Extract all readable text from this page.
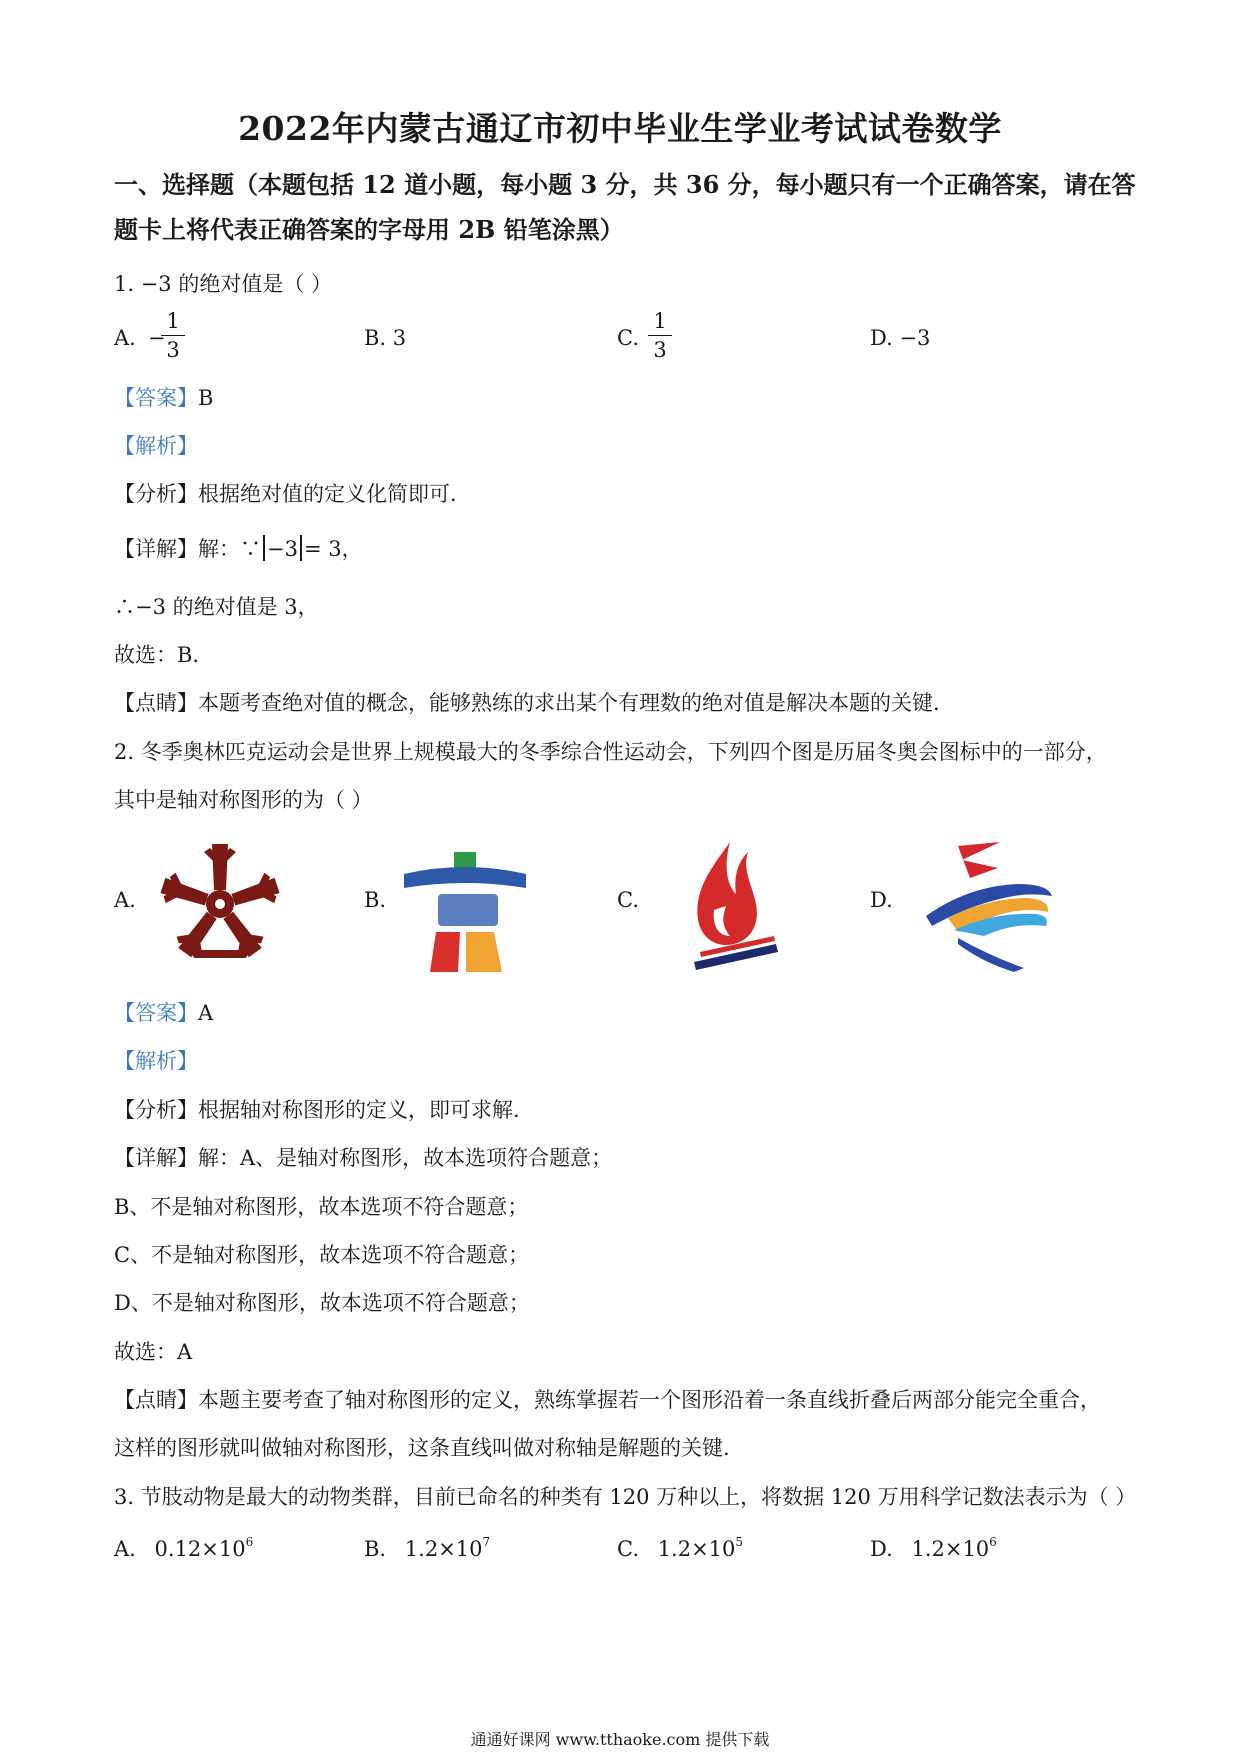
2022年内蒙古通辽市初中毕业生学业考试试卷数学
一、选择题（本题包括 12 道小题，每小题 3 分，共 36 分，每小题只有一个正确答案，请在答
题卡上将代表正确答案的字母用 2B 铅笔涂黑）
1. −3 的绝对值是（ ）
A. −
1
3	B. 3	C.
1
3	D. −3
【答案】B
【解析】
【分析】根据绝对值的定义化简即可.
【详解】解：∵ −3 = 3，
∴−3 的绝对值是 3，
故选：B.
【点睛】本题考查绝对值的概念，能够熟练的求出某个有理数的绝对值是解决本题的关键.
2. 冬季奥林匹克运动会是世界上规模最大的冬季综合性运动会，下列四个图是历届冬奥会图标中的一部分，
其中是轴对称图形的为（ ）
A.	B.	C.	D.
【答案】A
【解析】
【分析】根据轴对称图形的定义，即可求解.
【详解】解：A、是轴对称图形，故本选项符合题意；
B、不是轴对称图形，故本选项不符合题意；
C、不是轴对称图形，故本选项不符合题意；
D、不是轴对称图形，故本选项不符合题意；
故选：A
【点睛】本题主要考查了轴对称图形的定义，熟练掌握若一个图形沿着一条直线折叠后两部分能完全重合，
这样的图形就叫做轴对称图形，这条直线叫做对称轴是解题的关键.
3. 节肢动物是最大的动物类群，目前已命名的种类有 120 万种以上，将数据 120 万用科学记数法表示为（ ）
A. $0.12\times 10^6$	B. $1.2\times 10^7$	C. $1.2\times 10^5$	D. $1.2\times 10^6$
通通好课网 www.tthaoke.com 提供下载
